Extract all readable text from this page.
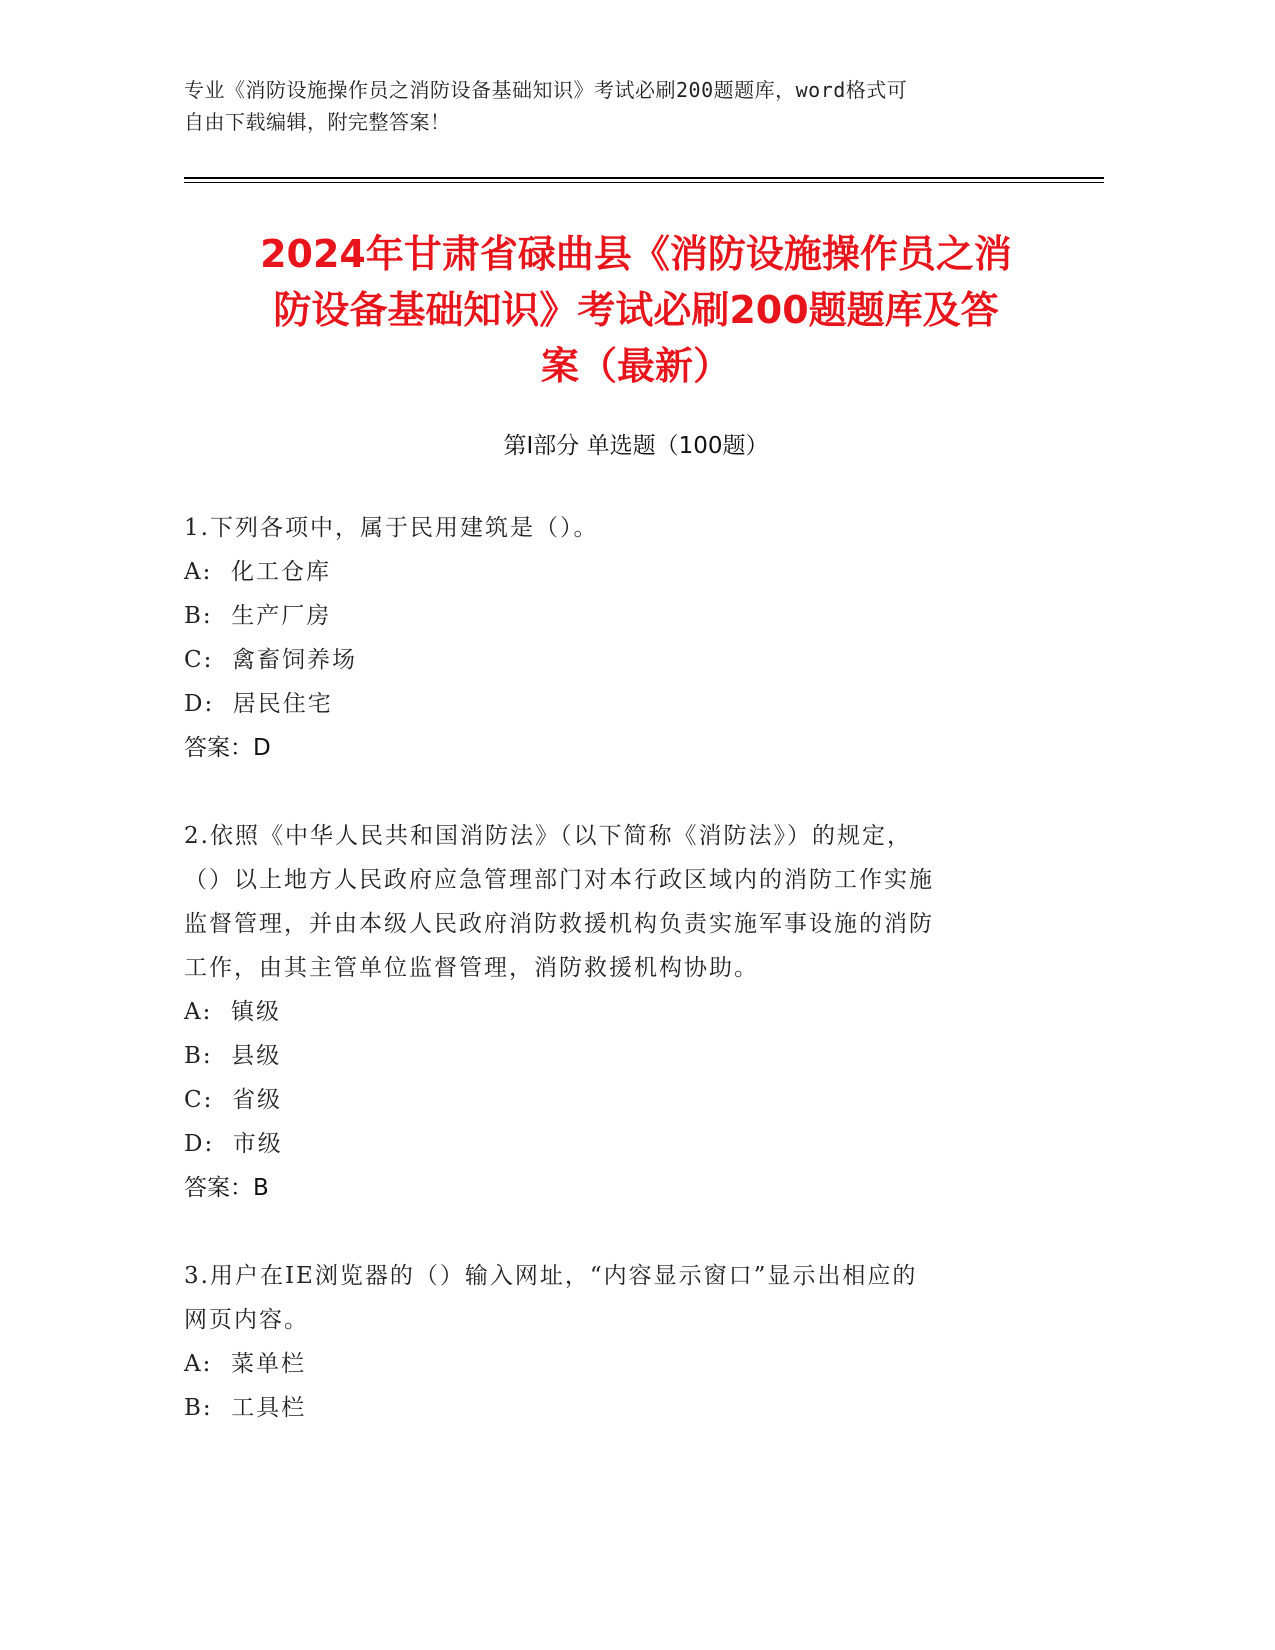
专业《消防设施操作员之消防设备基础知识》考试必刷200题题库，word格式可
自由下载编辑，附完整答案！
2024年甘肃省碌曲县《消防设施操作员之消
防设备基础知识》考试必刷200题题库及答
案（最新）
第Ⅰ部分 单选题（100题）
1.下列各项中，属于民用建筑是（）。
A:  化工仓库
B:  生产厂房
C:  禽畜饲养场
D:  居民住宅
答案：D
2.依照《中华人民共和国消防法》（以下简称《消防法》）的规定，
（）以上地方人民政府应急管理部门对本行政区域内的消防工作实施
监督管理，并由本级人民政府消防救援机构负责实施军事设施的消防
工作，由其主管单位监督管理，消防救援机构协助。
A:  镇级
B:  县级
C:  省级
D:  市级
答案：B
3.用户在IE浏览器的（）输入网址，“内容显示窗口”显示出相应的
网页内容。
A:  菜单栏
B:  工具栏
